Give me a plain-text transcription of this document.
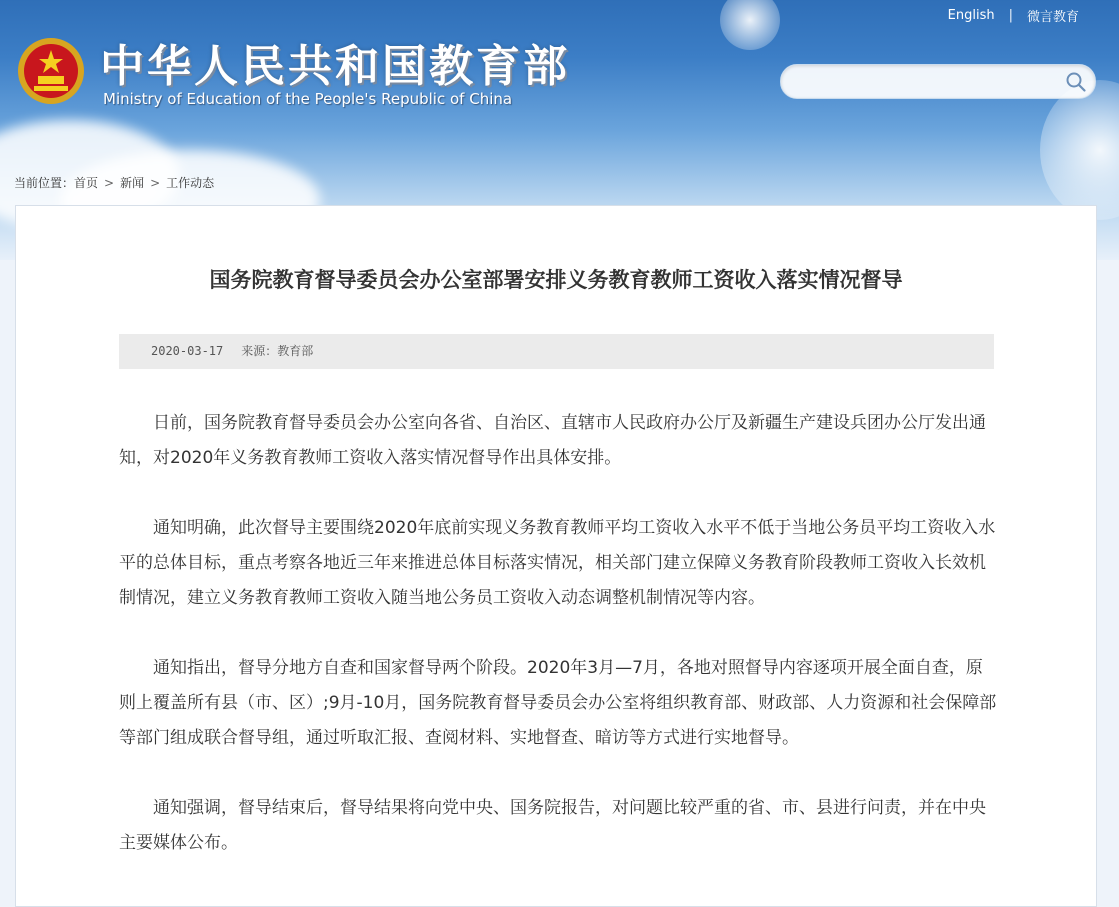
中华人民共和国教育部
Ministry of Education of the People's Republic of China
English | 微言教育
当前位置：首页 > 新闻 > 工作动态
国务院教育督导委员会办公室部署安排义务教育教师工资收入落实情况督导
2020-03-17 来源：教育部

日前，国务院教育督导委员会办公室向各省、自治区、直辖市人民政府办公厅及新疆生产建设兵团办公厅发出通知，对2020年义务教育教师工资收入落实情况督导作出具体安排。

通知明确，此次督导主要围绕2020年底前实现义务教育教师平均工资收入水平不低于当地公务员平均工资收入水平的总体目标，重点考察各地近三年来推进总体目标落实情况，相关部门建立保障义务教育阶段教师工资收入长效机制情况，建立义务教育教师工资收入随当地公务员工资收入动态调整机制情况等内容。

通知指出，督导分地方自查和国家督导两个阶段。2020年3月—7月，各地对照督导内容逐项开展全面自查，原则上覆盖所有县（市、区）;9月-10月，国务院教育督导委员会办公室将组织教育部、财政部、人力资源和社会保障部等部门组成联合督导组，通过听取汇报、查阅材料、实地督查、暗访等方式进行实地督导。

通知强调，督导结束后，督导结果将向党中央、国务院报告，对问题比较严重的省、市、县进行问责，并在中央主要媒体公布。
